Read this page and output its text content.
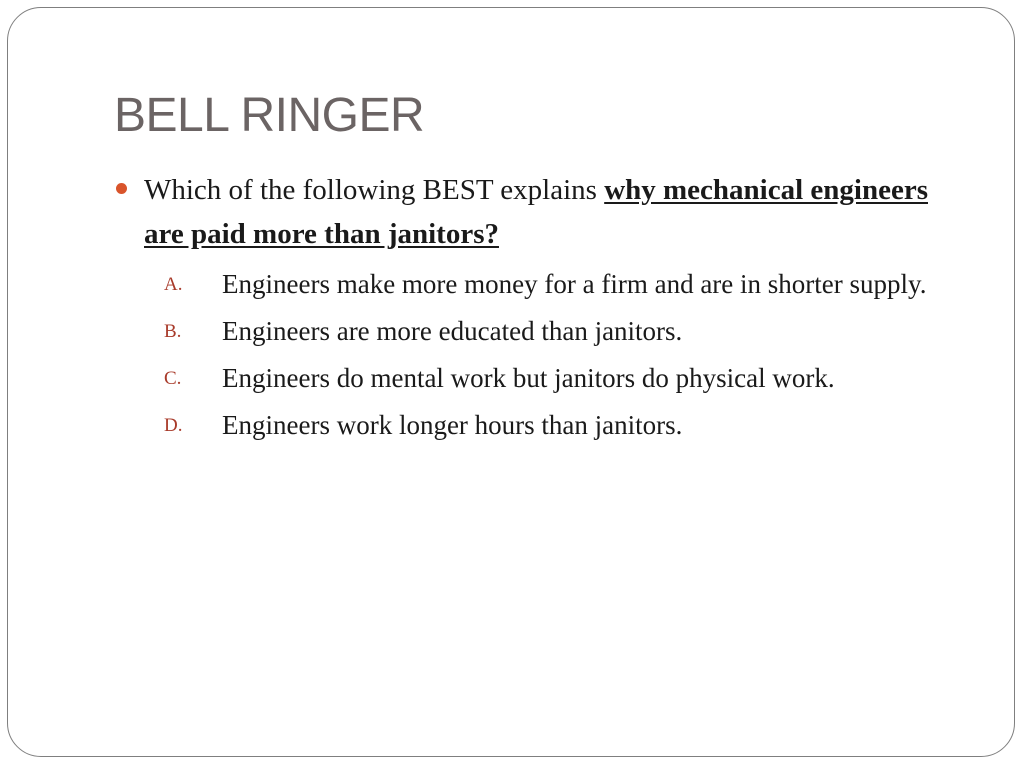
BELL RINGER

Which of the following BEST explains why mechanical engineers are paid more than janitors?

A. Engineers make more money for a firm and are in shorter supply.
B. Engineers are more educated than janitors.
C. Engineers do mental work but janitors do physical work.
D. Engineers work longer hours than janitors.
